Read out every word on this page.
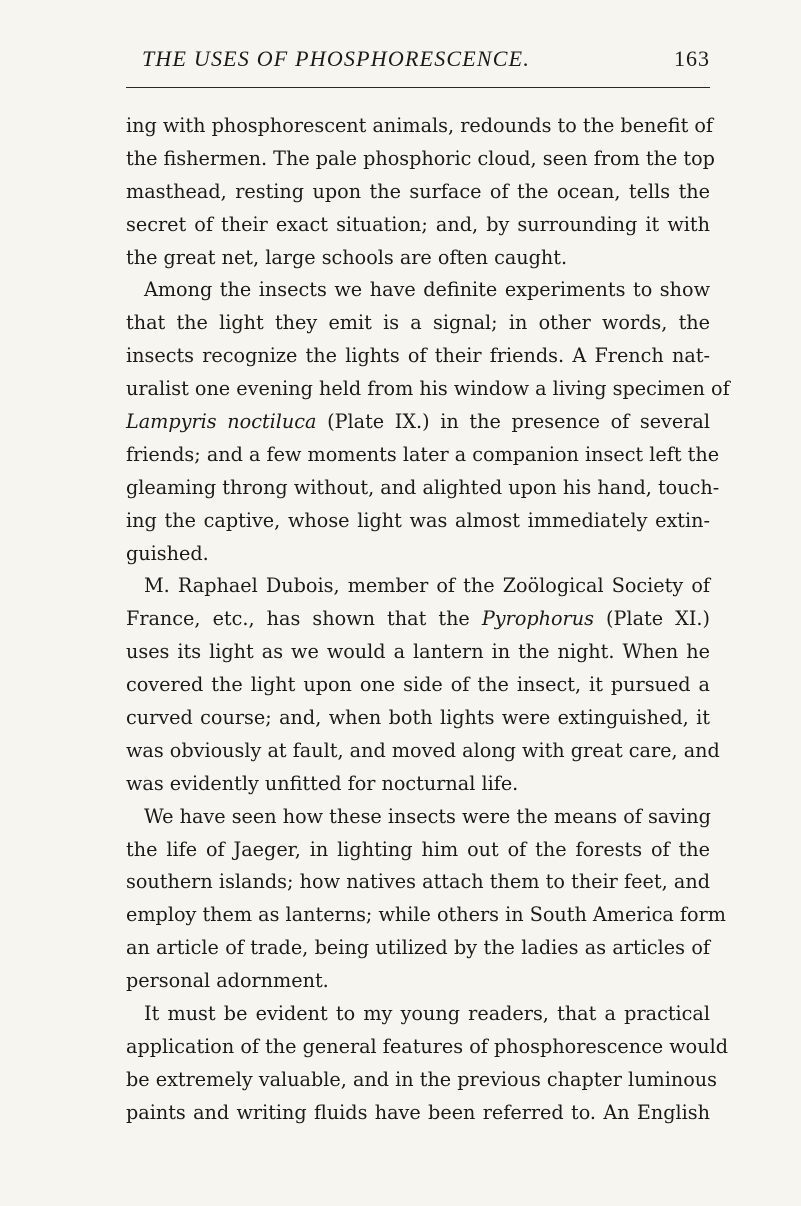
THE USES OF PHOSPHORESCENCE.	163
ing with phosphorescent animals, redounds to the benefit of
the fishermen. The pale phosphoric cloud, seen from the top
masthead, resting upon the surface of the ocean, tells the
secret of their exact situation; and, by surrounding it with
the great net, large schools are often caught.
Among the insects we have definite experiments to show
that the light they emit is a signal; in other words, the
insects recognize the lights of their friends. A French nat-
uralist one evening held from his window a living specimen of
Lampyris noctiluca (Plate IX.) in the presence of several
friends; and a few moments later a companion insect left the
gleaming throng without, and alighted upon his hand, touch-
ing the captive, whose light was almost immediately extin-
guished.
M. Raphael Dubois, member of the Zoölogical Society of
France, etc., has shown that the Pyrophorus (Plate XI.)
uses its light as we would a lantern in the night. When he
covered the light upon one side of the insect, it pursued a
curved course; and, when both lights were extinguished, it
was obviously at fault, and moved along with great care, and
was evidently unfitted for nocturnal life.
We have seen how these insects were the means of saving
the life of Jaeger, in lighting him out of the forests of the
southern islands; how natives attach them to their feet, and
employ them as lanterns; while others in South America form
an article of trade, being utilized by the ladies as articles of
personal adornment.
It must be evident to my young readers, that a practical
application of the general features of phosphorescence would
be extremely valuable, and in the previous chapter luminous
paints and writing fluids have been referred to. An English
